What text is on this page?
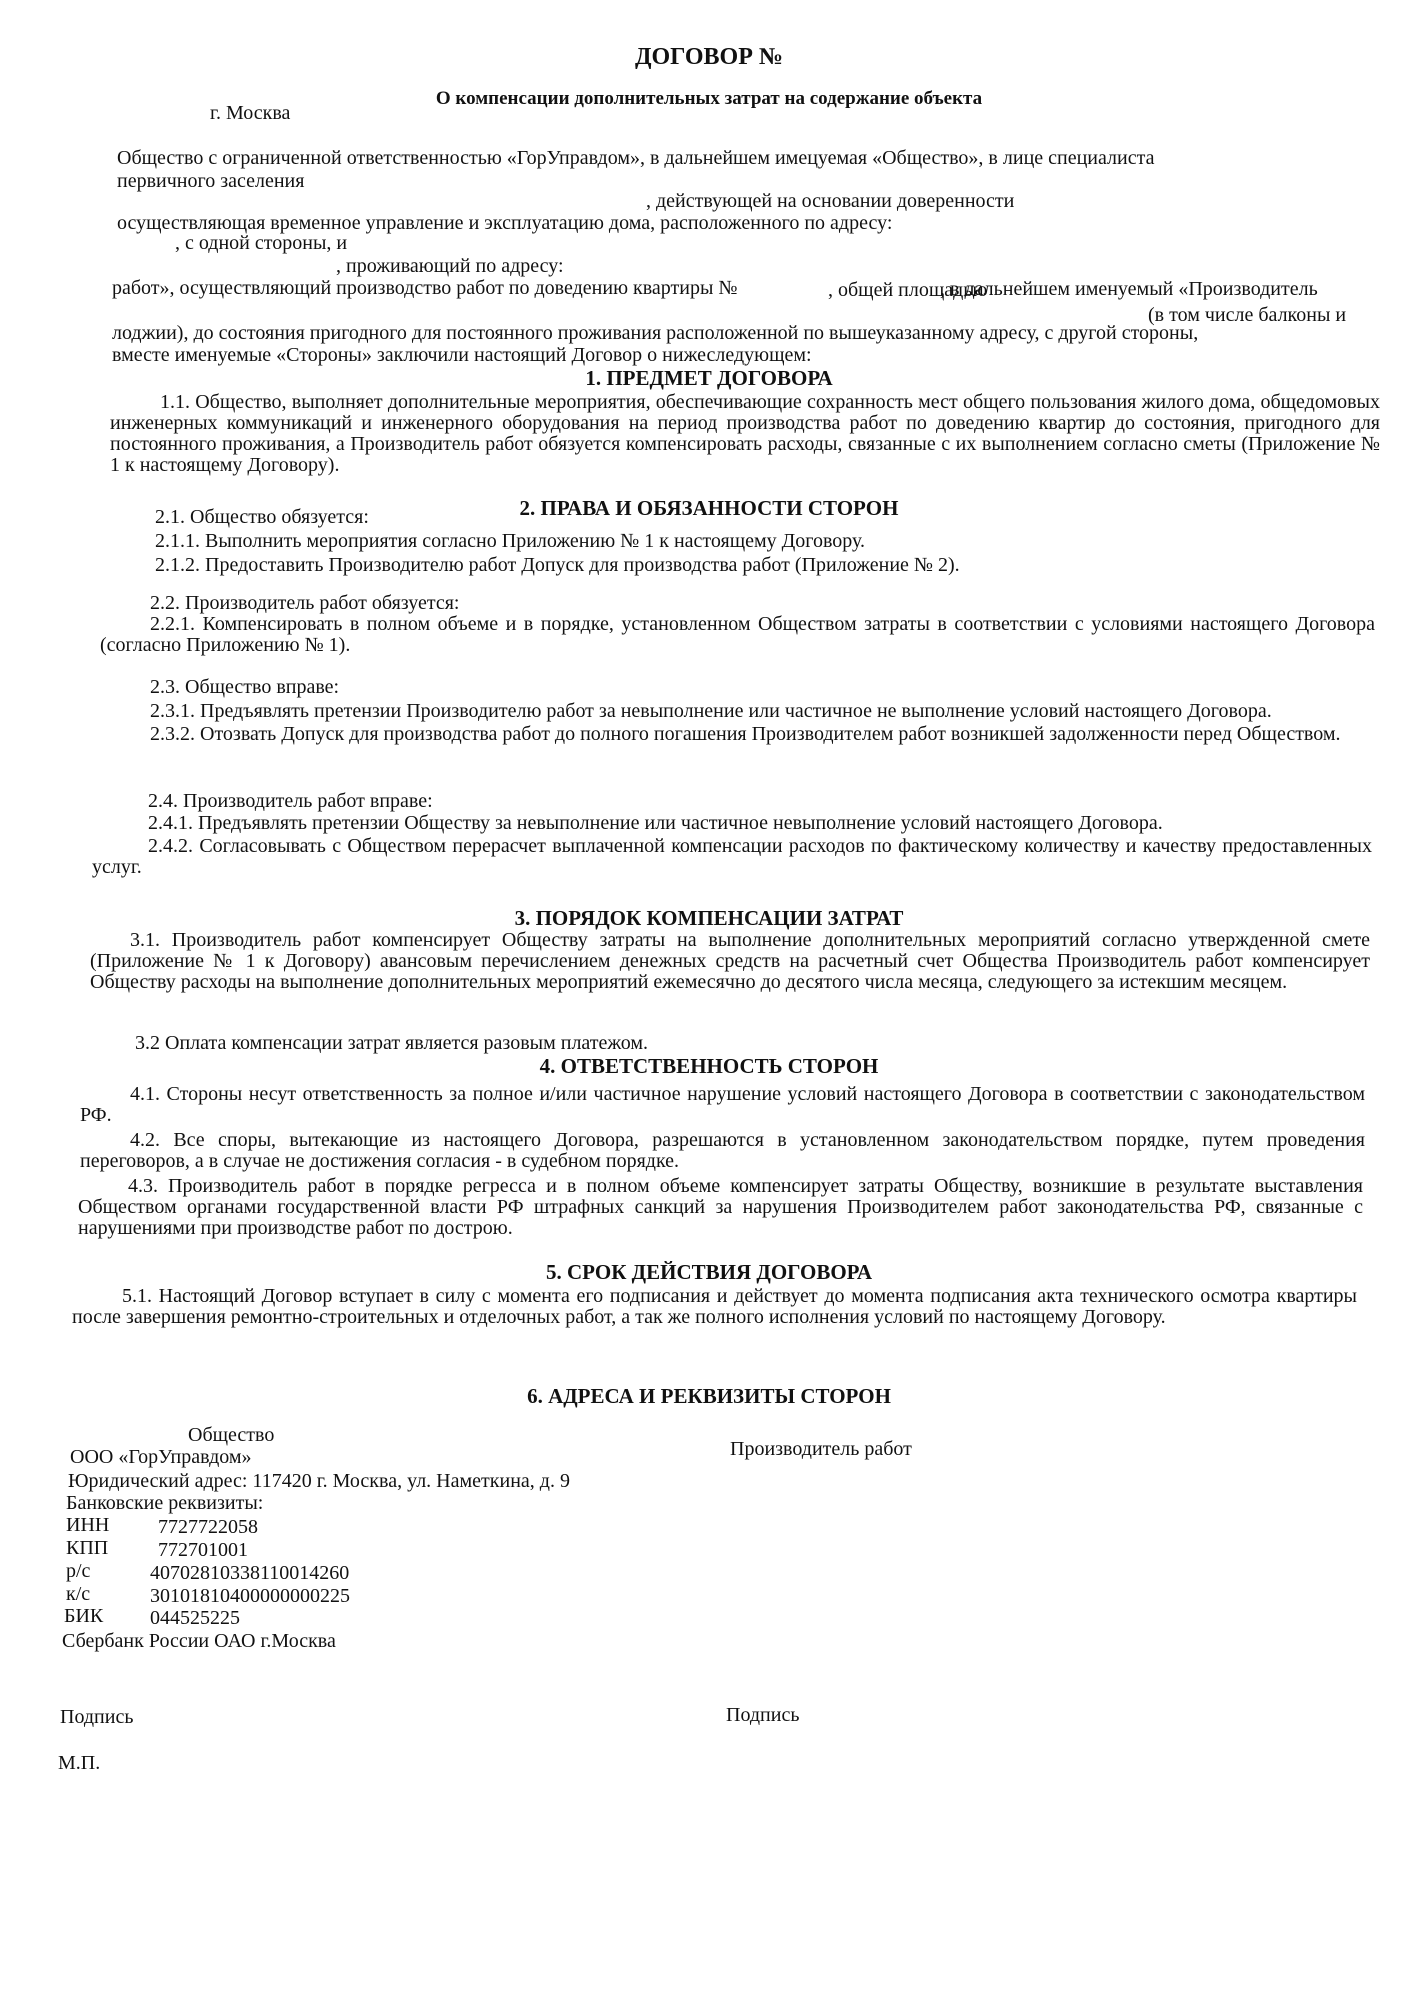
ДОГОВОР №
О компенсации дополнительных затрат на содержание объекта
г. Москва
Общество с ограниченной ответственностью «ГорУправдом», в дальнейшем имецуемая «Общество», в лице специалиста
первичного заселения
, действующей на основании доверенности
осуществляющая временное управление и эксплуатацию дома, расположенного по адресу:
, с одной стороны, и
, проживающий по адресу:
работ», осуществляющий производство работ по доведению квартиры №	, общей площадью
, в дальнейшем именуемый «Производитель
(в том числе балконы и
лоджии), до состояния пригодного для постоянного проживания расположенной по вышеуказанному адресу, с другой стороны,
вместе именуемые «Стороны» заключили настоящий Договор о нижеследующем:
1. ПРЕДМЕТ ДОГОВОРА
1.1. Общество, выполняет дополнительные мероприятия, обеспечивающие сохранность мест общего пользования жилого дома, общедомовых инженерных коммуникаций и инженерного оборудования на период производства работ по доведению квартир до состояния, пригодного для постоянного проживания, а Производитель работ обязуется компенсировать расходы, связанные с их выполнением согласно сметы (Приложение № 1 к настоящему Договору).
2. ПРАВА И ОБЯЗАННОСТИ СТОРОН
2.1. Общество обязуется:
2.1.1. Выполнить мероприятия согласно Приложению № 1 к настоящему Договору.
2.1.2. Предоставить Производителю работ Допуск для производства работ (Приложение № 2).
2.2. Производитель работ обязуется:
2.2.1. Компенсировать в полном объеме и в порядке, установленном Обществом затраты в соответствии с условиями настоящего Договора (согласно Приложению № 1).
2.3. Общество вправе:
2.3.1. Предъявлять претензии Производителю работ за невыполнение или частичное не выполнение условий настоящего Договора.
2.3.2. Отозвать Допуск для производства работ до полного погашения Производителем работ возникшей задолженности перед Обществом.
2.4. Производитель работ вправе:
2.4.1. Предъявлять претензии Обществу за невыполнение или частичное невыполнение условий настоящего Договора.
2.4.2. Согласовывать с Обществом перерасчет выплаченной компенсации расходов по фактическому количеству и качеству предоставленных услуг.
3. ПОРЯДОК КОМПЕНСАЦИИ ЗАТРАТ
3.1. Производитель работ компенсирует Обществу затраты на выполнение дополнительных мероприятий согласно утвержденной смете (Приложение № 1 к Договору) авансовым перечислением денежных средств на расчетный счет Общества Производитель работ компенсирует Обществу расходы на выполнение дополнительных мероприятий ежемесячно до десятого числа месяца, следующего за истекшим месяцем.
3.2 Оплата компенсации затрат является разовым платежом.
4. ОТВЕТСТВЕННОСТЬ СТОРОН
4.1. Стороны несут ответственность за полное и/или частичное нарушение условий настоящего Договора в соответствии с законодательством РФ.
4.2. Все споры, вытекающие из настоящего Договора, разрешаются в установленном законодательством порядке, путем проведения переговоров, а в случае не достижения согласия - в судебном порядке.
4.3. Производитель работ в порядке регресса и в полном объеме компенсирует затраты Обществу, возникшие в результате выставления Обществом органами государственной власти РФ штрафных санкций за нарушения Производителем работ законодательства РФ, связанные с нарушениями при производстве работ по дострою.
5. СРОК ДЕЙСТВИЯ ДОГОВОРА
5.1. Настоящий Договор вступает в силу с момента его подписания и действует до момента подписания акта технического осмотра квартиры после завершения ремонтно-строительных и отделочных работ, а так же полного исполнения условий по настоящему Договору.
6. АДРЕСА И РЕКВИЗИТЫ СТОРОН
Общество
ООО «ГорУправдом»
Юридический адрес: 117420 г. Москва, ул. Наметкина, д. 9
Банковские реквизиты:
ИНН 7727722058
КПП 772701001
р/с	40702810338110014260
к/с	30101810400000000225
БИК 044525225
Сбербанк России ОАО г.Москва
Производитель работ
Подпись	Подпись
М.П.
